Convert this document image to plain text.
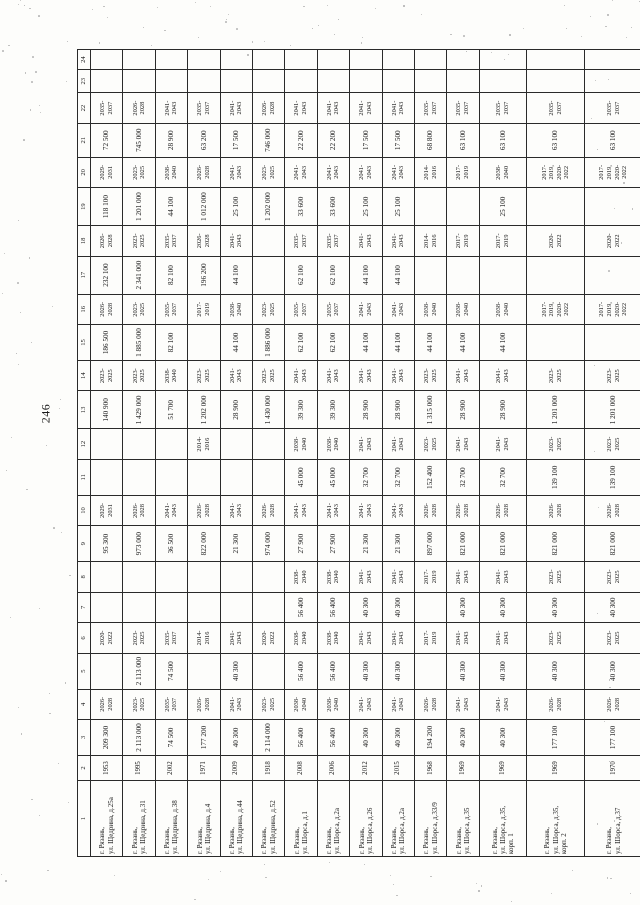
246
1	2	3	4	5	6	7	8	9	10	11	12	13	14	15	16	17	18	19	20	21	22	23	24

г. Рязань, ул. Щедрина, д.25а	1953	209 300	2026-2028		2020-2022			95 300	2029-2031			140 900	2023-2025	186 500	2026-2028	232 100	2026-2028	118 100	2029-2031	72 500	2035-2037		

г. Рязань, ул. Щедрина, д.31	1995	2 113 000	2023-2025	2 113 000	2023-2025			973 000	2026-2028			1 429 000	2023-2025	1 885 000	2023-2025	2 341 000	2023-2025	1 201 000	2023-2025	745 000	2026-2028		

г. Рязань, ул. Щедрина, д.38	2002	74 500	2035-2037	74 500	2035-2037			36 500	2041-2043			51 700	2038-2040	82 100	2035-2037	82 100	2035-2037	44 100	2038-2040	28 900	2041-2043		

г. Рязань, ул. Щедрина, д.4	1971	177 200	2026-2028		2014-2016			822 000	2026-2028		2014-2016	1 202 000	2023-2025		2017-2019	196 200	2026-2028	1 012 000	2026-2028	63 200	2035-2037		

г. Рязань, ул. Щедрина, д.44	2009	40 300	2041-2043	40 300	2041-2043			21 300	2041-2043			28 900	2041-2043	44 100	2038-2040	44 100	2041-2043	25 100	2041-2043	17 500	2041-2043		

г. Рязань, ул. Щедрина, д.52	1918	2 114 000	2023-2025		2020-2022			974 000	2026-2028			1 430 000	2023-2025	1 886 000	2023-2025			1 202 000	2023-2025	746 000	2026-2028		

г. Рязань, ул. Шорса, д.1	2008	56 400	2038-2040	56 400	2038-2040	56 400	2038-2040	27 900	2041-2043	45 000	2038-2040	39 300	2041-2043	62 100	2035-2037	62 100	2035-2037	33 600	2041-2043	22 200	2041-2043		

г. Рязань, ул. Шорса, д.2а	2006	56 400	2038-2040	56 400	2038-2040	56 400	2038-2040	27 900	2041-2043	45 000	2038-2040	39 300	2041-2043	62 100	2035-2037	62 100	2035-2037	33 600	2041-2043	22 200	2041-2043		

г. Рязань, ул. Шорса, д.26	2012	40 300	2041-2043	40 300	2041-2043	40 300	2041-2043	21 300	2041-2043	32 700	2041-2043	28 900	2041-2043	44 100	2041-2043	44 100	2041-2043	25 100	2041-2043	17 500	2041-2043		

г. Рязань, ул. Шорса, д.2а	2015	40 300	2041-2043	40 300	2041-2043	40 300	2041-2043	21 300	2041-2043	32 700	2041-2043	28 900	2041-2043	44 100	2041-2043	44 100	2041-2043	25 100	2041-2043	17 500	2041-2043		

г. Рязань, ул. Шорса, д.33/9	1968	194 200	2026-2028		2017-2019		2017-2019	897 000	2026-2028	152 400	2023-2025	1 315 000	2023-2025	44 100	2038-2040		2014-2016		2014-2016	68 800	2035-2037		

г. Рязань, ул. Шорса, д.35	1969	40 300	2041-2043	40 300	2041-2043	40 300	2041-2043	821 000	2026-2028	32 700	2041-2043	28 900	2041-2043	44 100	2038-2040		2017-2019		2017-2019	63 100	2035-2037		

г. Рязань, ул. Шорса, д.35, корп. 1	1969	40 300	2041-2043	40 300	2041-2043	40 300	2041-2043	821 000	2026-2028	32 700	2041-2043	28 900	2041-2043	44 100	2038-2040		2017-2019	25 100	2038-2040	63 100	2035-2037		

г. Рязань, ул. Шорса, д.35, корп. 2	1969	177 100	2026-2028	40 300	2023-2025	40 300	2023-2025	821 000	2026-2028	139 100	2023-2025	1 201 000	2023-2025		2017-2019, 2020-2022		2020-2022		2017-2019, 2020-2022	63 100	2035-2037		

г. Рязань, ул. Шорса, д.37	1970	177 100	2026-2028	40 300	2023-2025	40 300	2023-2025	821 000	2026-2028	139 100	2023-2025	1 201 000	2023-2025		2017-2019, 2020-2022		2020-2022		2017-2019, 2020-2022	63 100	2035-2037		
